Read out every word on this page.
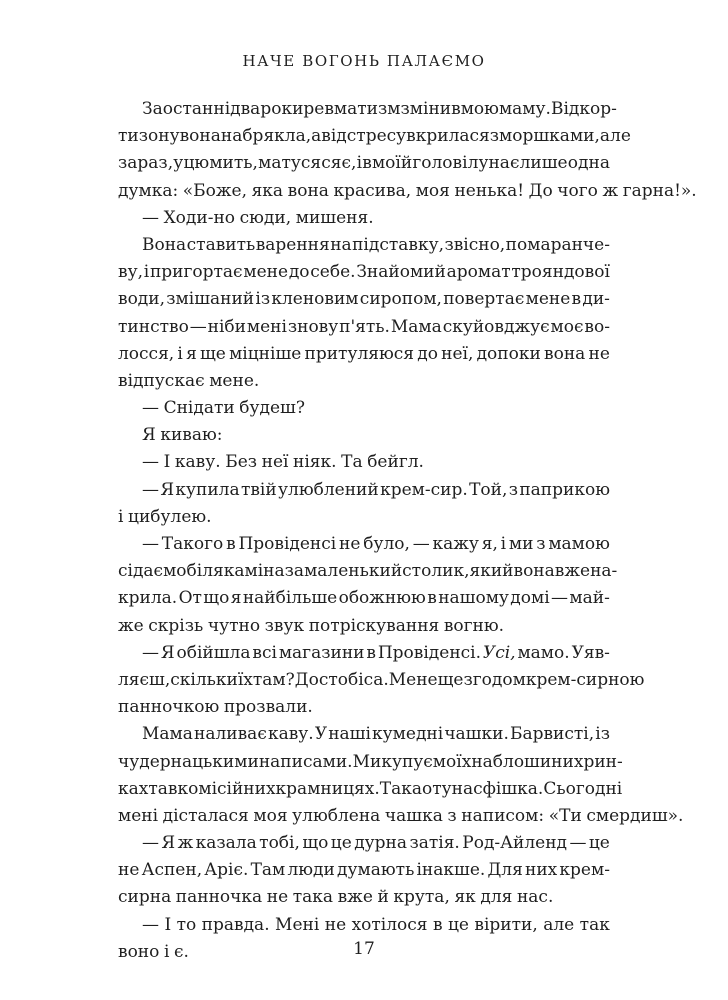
НАЧЕ ВОГОНЬ ПАЛАЄМО
За останні два роки ревматизм змінив мою маму. Від кор-
тизону вона набрякла, а від стресу вкрилася зморшками, але
зараз, у цю мить, матуся сяє, і в моїй голові лунає лише одна
думка: «Боже, яка вона красива, моя ненька! До чого ж гарна!».
— Ходи-но сюди, мишеня.
Вона ставить варення на підставку, звісно, помаранче-
ву, і пригортає мене до себе. Знайомий аромат трояндової
води, змішаний із кленовим сиропом, повертає мене в ди-
тинство — ніби мені знову п'ять. Мама скуйовджує моє во-
лосся, і я ще міцніше притуляюся до неї, допоки вона не
відпускає мене.
— Снідати будеш?
Я киваю:
— І каву. Без неї ніяк. Та бейгл.
— Я купила твій улюблений крем-сир. Той, з паприкою
і цибулею.
— Такого в Провіденсі не було, — кажу я, і ми з мамою
сідаємо біля каміна за маленький столик, який вона вже на-
крила. От що я найбільше обожнюю в нашому домі — май-
же скрізь чутно звук потріскування вогню.
— Я обійшла всі магазини в Провіденсі. Усі, мамо. Уяв-
ляєш, скільки їх там? Достобіса. Мене ще згодом крем-сирною
панночкою прозвали.
Мама наливає каву. У наші кумедні чашки. Барвисті, із
чудернацькими написами. Ми купуємо їх на блошиних рин-
ках та в комісійних крамницях. Така от у нас фішка. Сьогодні
мені дісталася моя улюблена чашка з написом: «Ти смердиш».
— Я ж казала тобі, що це дурна затія. Род-Айленд — це
не Аспен, Аріє. Там люди думають інакше. Для них крем-
сирна панночка не така вже й крута, як для нас.
— І то правда. Мені не хотілося в це вірити, але так
воно і є.	17
